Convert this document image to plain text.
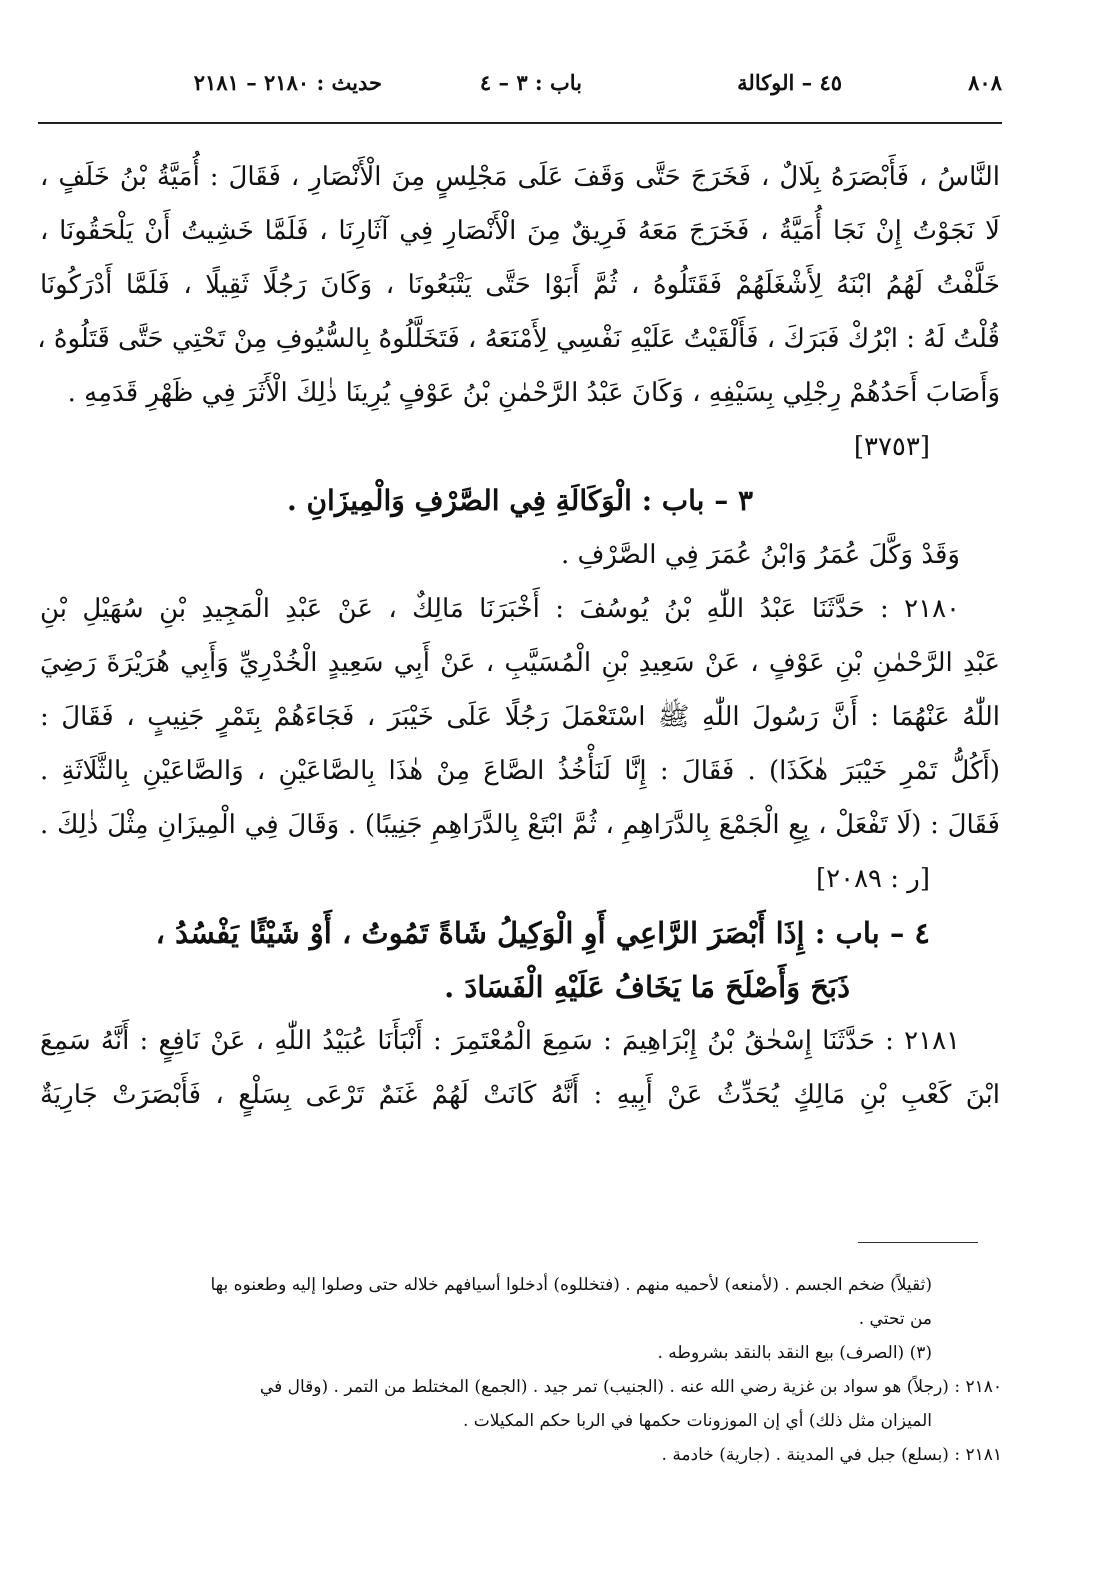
٨٠٨
٤٥ – الوكالة
باب : ٣ – ٤
حديث : ٢١٨٠ – ٢١٨١
النَّاسُ ، فَأَبْصَرَهُ بِلَالٌ ، فَخَرَجَ حَتَّى وَقَفَ عَلَى مَجْلِسٍ مِنَ الْأَنْصَارِ ، فَقَالَ : أُمَيَّةُ بْنُ خَلَفٍ ،
لَا نَجَوْتُ إِنْ نَجَا أُمَيَّةُ ، فَخَرَجَ مَعَهُ فَرِيقٌ مِنَ الْأَنْصَارِ فِي آثَارِنَا ، فَلَمَّا خَشِيتُ أَنْ يَلْحَقُونَا ،
خَلَّفْتُ لَهُمُ ابْنَهُ لِأَشْغَلَهُمْ فَقَتَلُوهُ ، ثُمَّ أَبَوْا حَتَّى يَتْبَعُونَا ، وَكَانَ رَجُلًا ثَقِيلًا ، فَلَمَّا أَدْرَكُونَا
قُلْتُ لَهُ : ابْرُكْ فَبَرَكَ ، فَأَلْقَيْتُ عَلَيْهِ نَفْسِي لِأَمْنَعَهُ ، فَتَخَلَّلُوهُ بِالسُّيُوفِ مِنْ تَحْتِي حَتَّى قَتَلُوهُ ،
وَأَصَابَ أَحَدُهُمْ رِجْلِي بِسَيْفِهِ ، وَكَانَ عَبْدُ الرَّحْمٰنِ بْنُ عَوْفٍ يُرِينَا ذٰلِكَ الْأَثَرَ فِي ظَهْرِ قَدَمِهِ .
[٣٧٥٣]
٣ – باب : الْوَكَالَةِ فِي الصَّرْفِ وَالْمِيزَانِ .
وَقَدْ وَكَّلَ عُمَرُ وَابْنُ عُمَرَ فِي الصَّرْفِ .
٢١٨٠ : حَدَّثَنَا عَبْدُ اللّٰهِ بْنُ يُوسُفَ : أَخْبَرَنَا مَالِكٌ ، عَنْ عَبْدِ الْمَجِيدِ بْنِ سُهَيْلِ بْنِ
عَبْدِ الرَّحْمٰنِ بْنِ عَوْفٍ ، عَنْ سَعِيدِ بْنِ الْمُسَيَّبِ ، عَنْ أَبِي سَعِيدٍ الْخُدْرِيِّ وَأَبِي هُرَيْرَةَ رَضِيَ
اللّٰهُ عَنْهُمَا : أَنَّ رَسُولَ اللّٰهِ ﷺ اسْتَعْمَلَ رَجُلًا عَلَى خَيْبَرَ ، فَجَاءَهُمْ بِتَمْرٍ جَنِيبٍ ، فَقَالَ :
(أَكُلُّ تَمْرِ خَيْبَرَ هٰكَذَا) . فَقَالَ : إِنَّا لَنَأْخُذُ الصَّاعَ مِنْ هٰذَا بِالصَّاعَيْنِ ، وَالصَّاعَيْنِ بِالثَّلَاثَةِ .
فَقَالَ : (لَا تَفْعَلْ ، بِعِ الْجَمْعَ بِالدَّرَاهِمِ ، ثُمَّ ابْتَعْ بِالدَّرَاهِمِ جَنِيبًا) . وَقَالَ فِي الْمِيزَانِ مِثْلَ ذٰلِكَ .
[ر : ٢٠٨٩]
٤ – باب : إِذَا أَبْصَرَ الرَّاعِي أَوِ الْوَكِيلُ شَاةً تَمُوتُ ، أَوْ شَيْئًا يَفْسُدُ ،
ذَبَحَ وَأَصْلَحَ مَا يَخَافُ عَلَيْهِ الْفَسَادَ .
٢١٨١ : حَدَّثَنَا إِسْحٰقُ بْنُ إِبْرَاهِيمَ : سَمِعَ الْمُعْتَمِرَ : أَنْبَأَنَا عُبَيْدُ اللّٰهِ ، عَنْ نَافِعٍ : أَنَّهُ سَمِعَ
ابْنَ كَعْبِ بْنِ مَالِكٍ يُحَدِّثُ عَنْ أَبِيهِ : أَنَّهُ كَانَتْ لَهُمْ غَنَمٌ تَرْعَى بِسَلْعٍ ، فَأَبْصَرَتْ جَارِيَةٌ
(ثقيلاً) ضخم الجسم . (لأمنعه) لأحميه منهم . (فتخللوه) أدخلوا أسيافهم خلاله حتى وصلوا إليه وطعنوه بها
من تحتي .
(٣) (الصرف) بيع النقد بالنقد بشروطه .
٢١٨٠ : (رجلاً) هو سواد بن غزية رضي الله عنه . (الجنيب) تمر جيد . (الجمع) المختلط من التمر . (وقال في
الميزان مثل ذلك) أي إن الموزونات حكمها في الربا حكم المكيلات .
٢١٨١ : (بسلع) جبل في المدينة . (جارية) خادمة .
